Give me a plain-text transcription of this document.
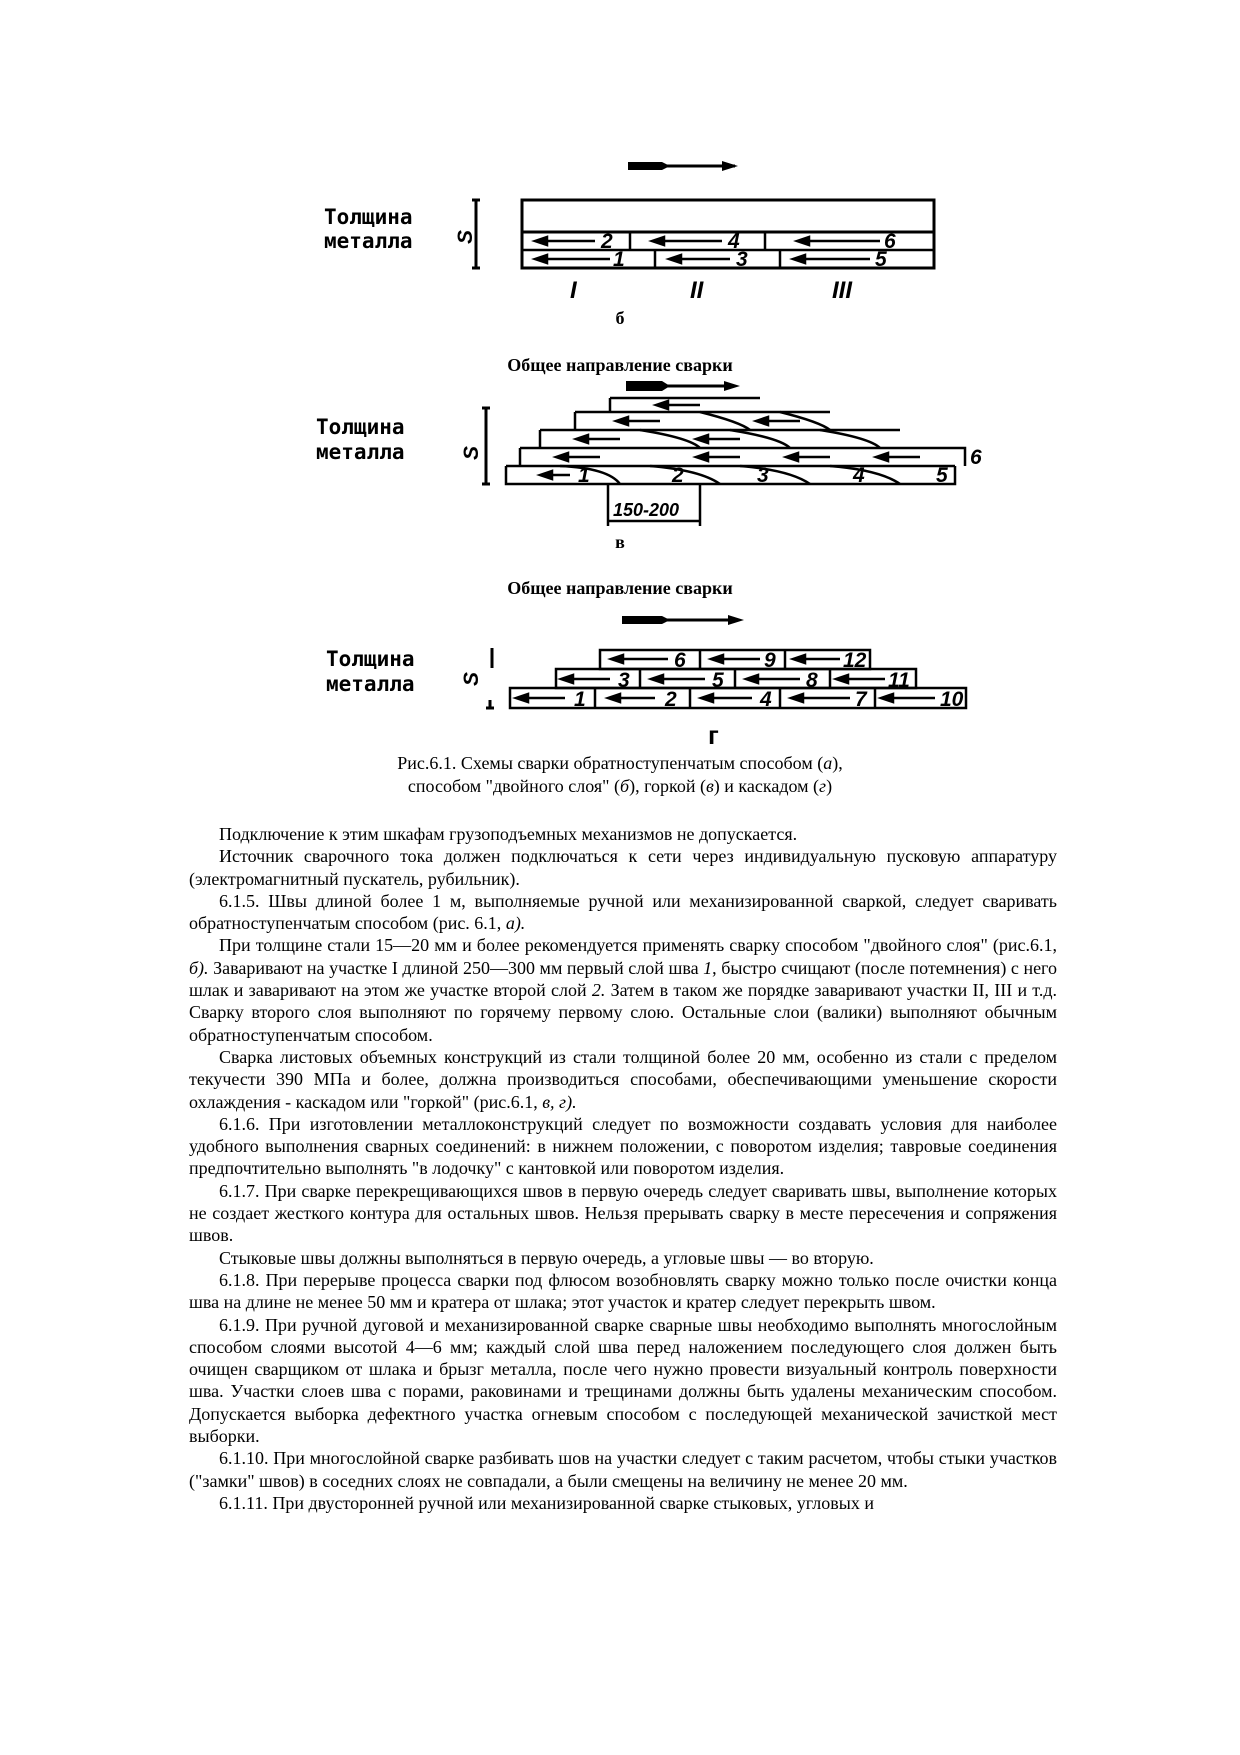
Толщина
металла S	2	4	6
1	3	5
I	II	III
б
Общее направление сварки
Толщина
металла	S
1	2	3	4	5
6
150-200
в
Общее направление сварки
Толщина
металла S
1	2	4	7	10
3	5	8	11
6	9	12
г
Рис.6.1. Схемы сварки обратноступенчатым способом (а),
способом "двойного слоя" (б), горкой (в) и каскадом (г)

Подключение к этим шкафам грузоподъемных механизмов не допускается.

Источник сварочного тока должен подключаться к сети через индивидуальную пусковую аппаратуру (электромагнитный пускатель, рубильник).

6.1.5. Швы длиной более 1 м, выполняемые ручной или механизированной сваркой, следует сваривать обратноступенчатым способом (рис. 6.1, а).

При толщине стали 15—20 мм и более рекомендуется применять сварку способом "двойного слоя" (рис.6.1, б). Заваривают на участке I длиной 250—300 мм первый слой шва 1, быстро счищают (после потемнения) с него шлак и заваривают на этом же участке второй слой 2. Затем в таком же порядке заваривают участки II, III и т.д. Сварку второго слоя выполняют по горячему первому слою. Остальные слои (валики) выполняют обычным обратноступенчатым способом.

Сварка листовых объемных конструкций из стали толщиной более 20 мм, особенно из стали с пределом текучести 390 МПа и более, должна производиться способами, обеспечивающими уменьшение скорости охлаждения - каскадом или "горкой" (рис.6.1, в, г).

6.1.6. При изготовлении металлоконструкций следует по возможности создавать условия для наиболее удобного выполнения сварных соединений: в нижнем положении, с поворотом изделия; тавровые соединения предпочтительно выполнять "в лодочку" с кантовкой или поворотом изделия.

6.1.7. При сварке перекрещивающихся швов в первую очередь следует сваривать швы, выполнение которых не создает жесткого контура для остальных швов. Нельзя прерывать сварку в месте пересечения и сопряжения швов.

Стыковые швы должны выполняться в первую очередь, а угловые швы — во вторую.

6.1.8. При перерыве процесса сварки под флюсом возобновлять сварку можно только после очистки конца шва на длине не менее 50 мм и кратера от шлака; этот участок и кратер следует перекрыть швом.

6.1.9. При ручной дуговой и механизированной сварке сварные швы необходимо выполнять многослойным способом слоями высотой 4—6 мм; каждый слой шва перед наложением последующего слоя должен быть очищен сварщиком от шлака и брызг металла, после чего нужно провести визуальный контроль поверхности шва. Участки слоев шва с порами, раковинами и трещинами должны быть удалены механическим способом. Допускается выборка дефектного участка огневым способом с последующей механической зачисткой мест выборки.

6.1.10. При многослойной сварке разбивать шов на участки следует с таким расчетом, чтобы стыки участков ("замки" швов) в соседних слоях не совпадали, а были смещены на величину не менее 20 мм.

6.1.11. При двусторонней ручной или механизированной сварке стыковых, угловых и
